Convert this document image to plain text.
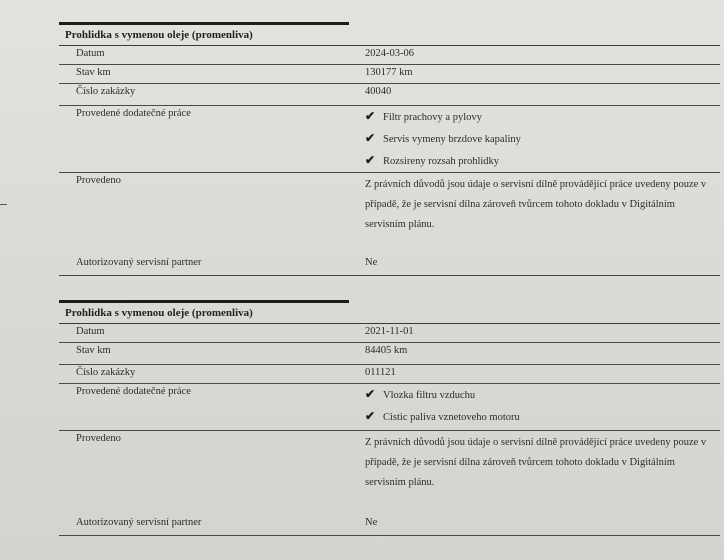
Prohlidka s vymenou oleje (promenliva)
Datum	2024-03-06
Stav km	130177 km
Číslo zakázky	40040
Provedené dodatečné práce	✔ Filtr prachovy a pylovy
✔ Servis vymeny brzdove kapaliny
✔ Rozsireny rozsah prohlidky
Provedeno	Z právních důvodů jsou údaje o servisní dílně provádějící práce uvedeny pouze v případě, že je servisní dílna zároveň tvůrcem tohoto dokladu v Digitálním servisním plánu.
Autorizovaný servisní partner	Ne
Prohlidka s vymenou oleje (promenliva)
Datum	2021-11-01
Stav km	84405 km
Číslo zakázky	011121
Provedené dodatečné práce	✔ Vlozka filtru vzduchu
✔ Cistic paliva vznetoveho motoru
Provedeno	Z právních důvodů jsou údaje o servisní dílně provádějící práce uvedeny pouze v případě, že je servisní dílna zároveň tvůrcem tohoto dokladu v Digitálním servisním plánu.
Autorizovaný servisní partner	Ne
